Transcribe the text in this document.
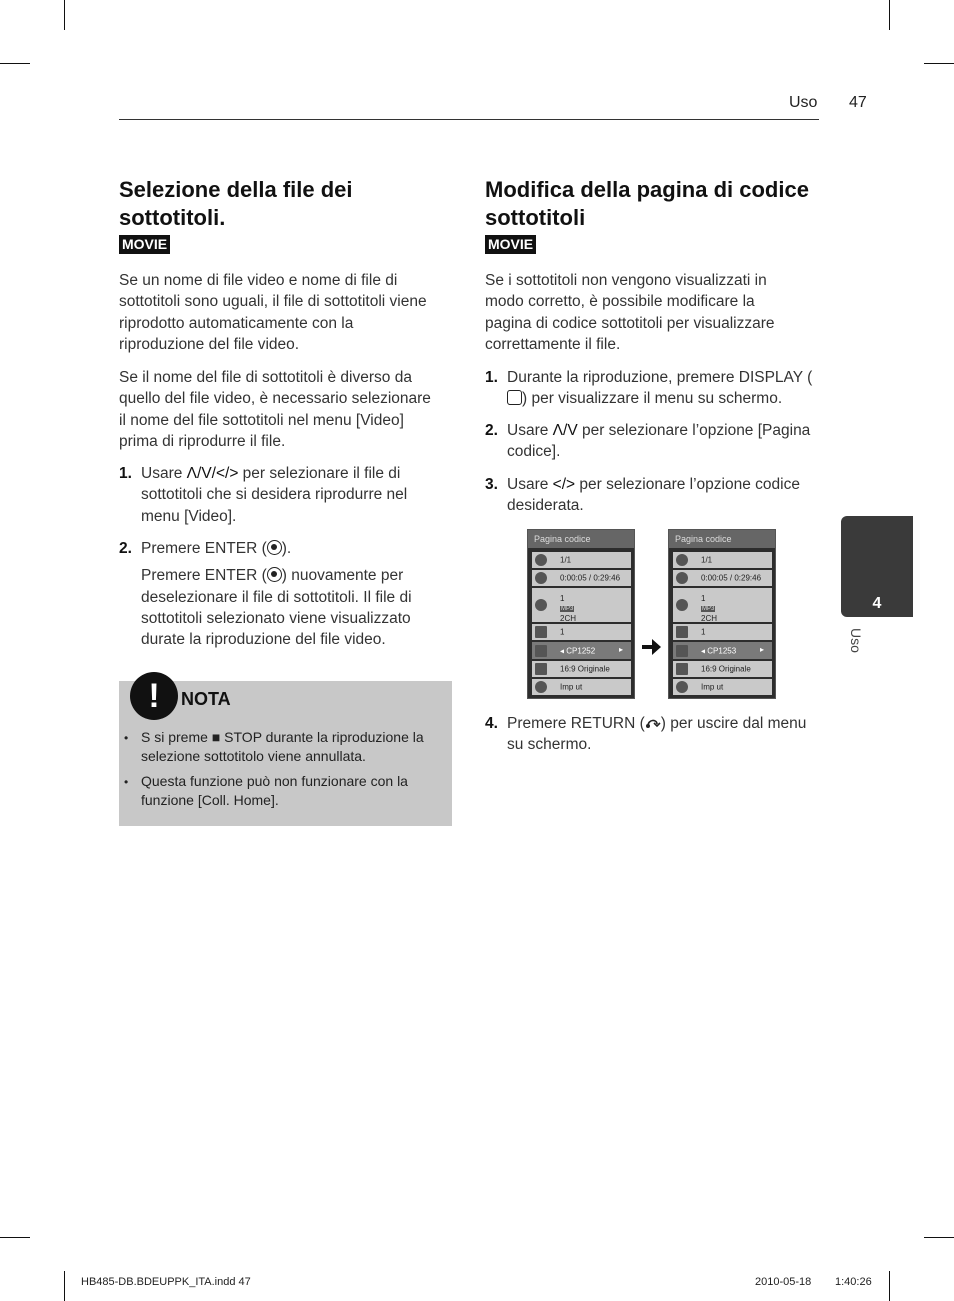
Uso 47
Selezione della file dei sottotitoli.
MOVIE

Se un nome di file video e nome di file di sottotitoli sono uguali, il file di sottotitoli viene riprodotto automaticamente con la riproduzione del file video.

Se il nome del file di sottotitoli è diverso da quello del file video, è necessario selezionare il nome del file sottotitoli nel menu [Video] prima di riprodurre il file.

1. Usare Λ/V/</> per selezionare il file di sottotitoli che si desidera riprodurre nel menu [Video].
2. Premere ENTER ( ).
Premere ENTER ( ) nuovamente per deselezionare il file di sottotitoli. Il file di sottotitoli selezionato viene visualizzato durate la riproduzione del file video.
!	NOTA
• S si preme ■ STOP durante la riproduzione la selezione sottotitolo viene annullata.
• Questa funzione può non funzionare con la funzione [Coll. Home].
Modifica della pagina di codice sottotitoli
MOVIE

Se i sottotitoli non vengono visualizzati in modo corretto, è possibile modificare la pagina di codice sottotitoli per visualizzare correttamente il file.

1. Durante la riproduzione, premere DISPLAY () per visualizzare il menu su schermo.
2. Usare Λ/V per selezionare l’opzione [Pagina codice].
3. Usare </> per selezionare l’opzione codice desiderata.
Pagina codice
1/1
0:00:05 / 0:29:46
1
MP3
2CH
1
◂ CP1252	▸
16:9 Originale
Imp ut
Pagina codice
1/1
0:00:05 / 0:29:46
1
MP3
2CH
1
◂ CP1253	▸
16:9 Originale
Imp ut
4. Premere RETURN ( ) per uscire dal menu su schermo.
4
Uso
HB485-DB.BDEUPPK_ITA.indd 47	2010-05-18 1:40:26
